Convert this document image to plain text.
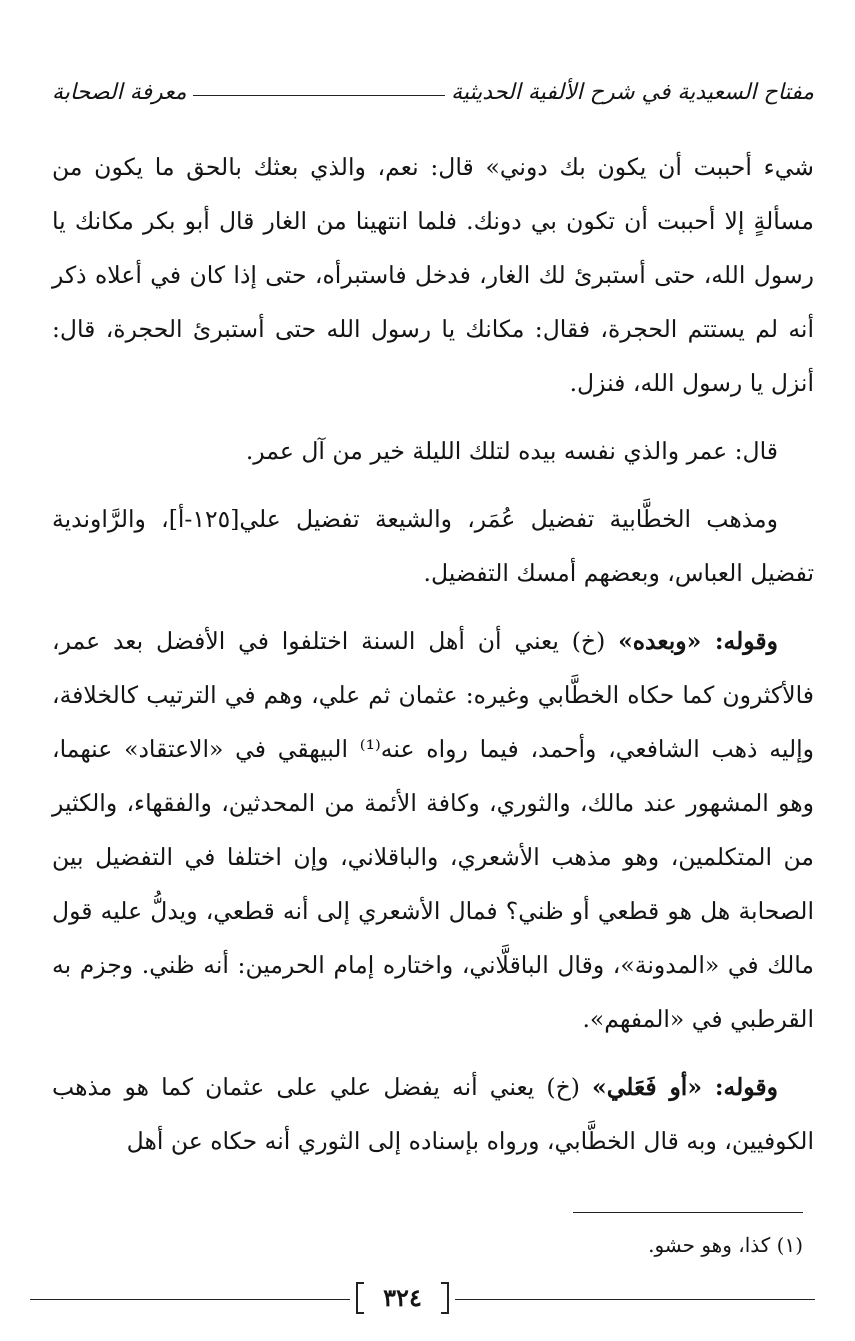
مفتاح السعيدية في شرح الألفية الحديثية
معرفة الصحابة

شيء أحببت أن يكون بك دوني» قال: نعم، والذي بعثك بالحق ما يكون من مسألةٍ إلا أحببت أن تكون بي دونك. فلما انتهينا من الغار قال أبو بكر مكانك يا رسول الله، حتى أستبرئ لك الغار، فدخل فاستبرأه، حتى إذا كان في أعلاه ذكر أنه لم يستتم الحجرة، فقال: مكانك يا رسول الله حتى أستبرئ الحجرة، قال: أنزل يا رسول الله، فنزل.

قال: عمر والذي نفسه بيده لتلك الليلة خير من آل عمر.

ومذهب الخطَّابية تفضيل عُمَر، والشيعة تفضيل علي[١٢٥-أ]، والرَّاوندية تفضيل العباس، وبعضهم أمسك التفضيل.

وقوله: «وبعده» (خ) يعني أن أهل السنة اختلفوا في الأفضل بعد عمر، فالأكثرون كما حكاه الخطَّابي وغيره: عثمان ثم علي، وهم في الترتيب كالخلافة، وإليه ذهب الشافعي، وأحمد، فيما رواه عنه⁽¹⁾ البيهقي في «الاعتقاد» عنهما، وهو المشهور عند مالك، والثوري، وكافة الأئمة من المحدثين، والفقهاء، والكثير من المتكلمين، وهو مذهب الأشعري، والباقلاني، وإن اختلفا في التفضيل بين الصحابة هل هو قطعي أو ظني؟ فمال الأشعري إلى أنه قطعي، ويدلُّ عليه قول مالك في «المدونة»، وقال الباقلَّاني، واختاره إمام الحرمين: أنه ظني. وجزم به القرطبي في «المفهم».

وقوله: «أو فَعَلي» (خ) يعني أنه يفضل علي على عثمان كما هو مذهب الكوفيين، وبه قال الخطَّابي، ورواه بإسناده إلى الثوري أنه حكاه عن أهل

(١) كذا، وهو حشو.
٣٢٤
